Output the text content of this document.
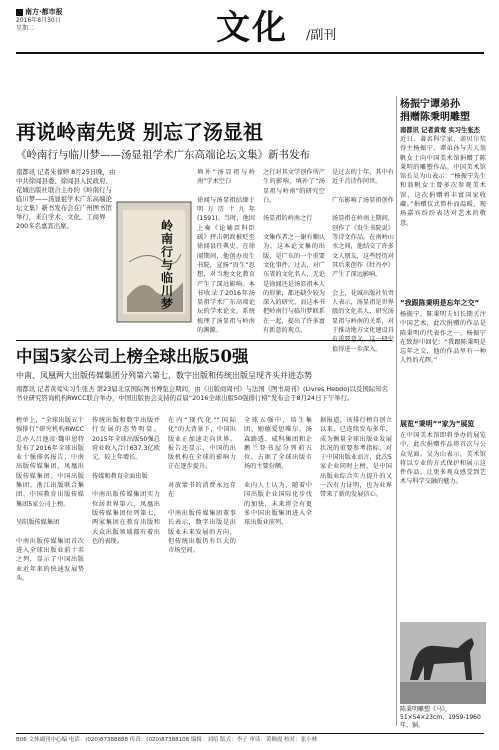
南方·都市报
2016年8月30日
星期二	文化 /副刊
再说岭南先贤 别忘了汤显祖
《岭南行与临川梦——汤显祖学术广东高端论坛文集》新书发布
南都讯 记者朱蓉婷 8月25日晚，由中共徐闻县委、徐闻县人民政府、花城出版社联合主办的《岭南行与临川梦——汤显祖学术广东高端论坛文集》新书发布会在广州图书馆举行，来自学术、文化、工商界200多名嘉宾出席。	岭南行与临川梦
填补“汤显祖与岭南”学术空白

徐闻与汤显祖结缘于明万历十九年(1591)。当时，他因上奏《论辅臣科臣疏》抨击朝政被贬至徐闻县任典史。在徐闻期间，他创办贵生书院，宣扬“贵生”思想，对当地文化教育产生了深远影响。本书收录了2016年汤显祖学术广东高端论坛的学术论文，系统梳理了汤显祖与岭南的渊源。
之行对其文学创作所产生的影响，填补了“汤显祖与岭南”的研究空白。

汤显祖的岭南之行

文集作者之一谢有顺认为，这本论文集的出版，是广东的一个重要文化事件。过去，对广东省的文化名人，无论是徐闻还是汤显祖本人的形象，都还缺少较为深入的研究，而这本书把岭南行与临川梦联系在一起，提出了许多富有新意的观点。
是过去的十年，其中有近千首诗作问世。

广东影响了汤显祖创作

汤显祖在岭南上期间，创作了《贵生书院说》等诗文作品。在南岭山水之间，他结交了许多文人朋友，这些经历对其后来创作《牡丹亭》产生了深远影响。

会上，花城出版社负责人表示，汤显祖是世界级的文化名人，研究汤显祖与岭南的关系，对于推动地方文化建设具有重要意义，这一研究值得进一步深入。
杨振宁谭弟孙
捐赠陈秉明雕塑
南都讯 记者黄莺 实习生张杰
近日，著名科学家、诺贝尔奖得主杨振宁、谭弟孙与夫人翁帆女士向中国美术馆捐赠了陈秉明的雕塑作品。中国美术馆馆长吴为山表示：“杨振宁先生和翁帆女士曾多次参观美术馆，这次捐赠将丰富国家收藏。”捐赠仪式简朴而温暖，现场嘉宾纷纷表达对艺术的敬意。
“我跟陈秉明是忘年之交”
杨振宁，陈秉明夫妇长期关注中国艺术，此次捐赠的作品是陈秉明的代表作之一。杨振宁在致辞中回忆：“我跟陈秉明是忘年之交，他的作品里有一种人性的光辉。”
展览“秉明”“家为”展览
在中国美术馆即将举办的展览中，此次捐赠作品将首次与公众见面。吴为山表示，美术馆将以专业的方式保护和展示这件作品，让更多观众感受到艺术与科学交融的魅力。
陈秉明雕塑《马》，51×54×23cm，1959-1960年，铜。
中国5家公司上榜全球出版50强
中南、凤凰两大出版传媒集团分列第六第七，数字出版和传统出版呈现齐头并进态势
南都讯 记者黄莺实习生张杰 第23届北京国际图书博览会期间，由《出版商周刊》与法国《图书周刊》(Livres Hebdo)以及国际知名书业研究咨询机构RWCC联合举办，中国出版协会支持的首届“2016全球出版50强排行榜”发布会于8月24日下午举行。
榜单上，“全球出版五十强排行”研究机构RWCC总办人吕他帝·魏申恩特发布了2016年全球出版业十强排名报告，中南出版传媒集团、凤凰出版传媒集团、中国出版集团、浙江出版联合集团、中国教育出版传媒集团5家公司上榜。

呈阳版传媒集团

中南出版传媒集团首次进入全球出版业前十名之列，显示了中国出版业近年来的快速发展势头。
传统出版和数字出版并行发展的态势明显。2015年全球出版50强总营业收入合计637.3亿欧元，较上年增长。

传媒和教育全面出版

中南出版传媒集团实力位居世界第六，凤凰出版传媒集团位列第七，两家集团在教育出版和大众出版领域都有着出色的表现。
在内“现代化”“国际化”的大背景下，中国出版业正加速走向世界。报告还显示，中国的出版机构在全球的影响力正在逐步提升。

对放蒙书的消费永远存在

中南出版传媒集团董事长表示，数字出版是出版业未来发展的方向，但传统出版仍有巨大的市场空间。
全球五强中，培生集团、励德爱思唯尔、汤森路透、威科集团和企鹅兰登书屋分列前五位，占据了全球出版市场的主要份额。

业内人士认为，随着中国出版企业国际化步伐的加快，未来将会有更多中国出版集团进入全球出版业前列。
据报道，该排行榜自创立以来，已连续发布多年，成为衡量全球出版业发展状况的重要参考指标。对于中国出版业而言，此次5家企业同时上榜，是中国出版业综合实力提升的又一次有力证明，也为业界带来了新的发展信心。
B06 文体副刊中心编 电话：(020)87388888 传真：(020)87388108 编辑：刘培 版式：李子 审读：黄婉霞 校对：张小林
